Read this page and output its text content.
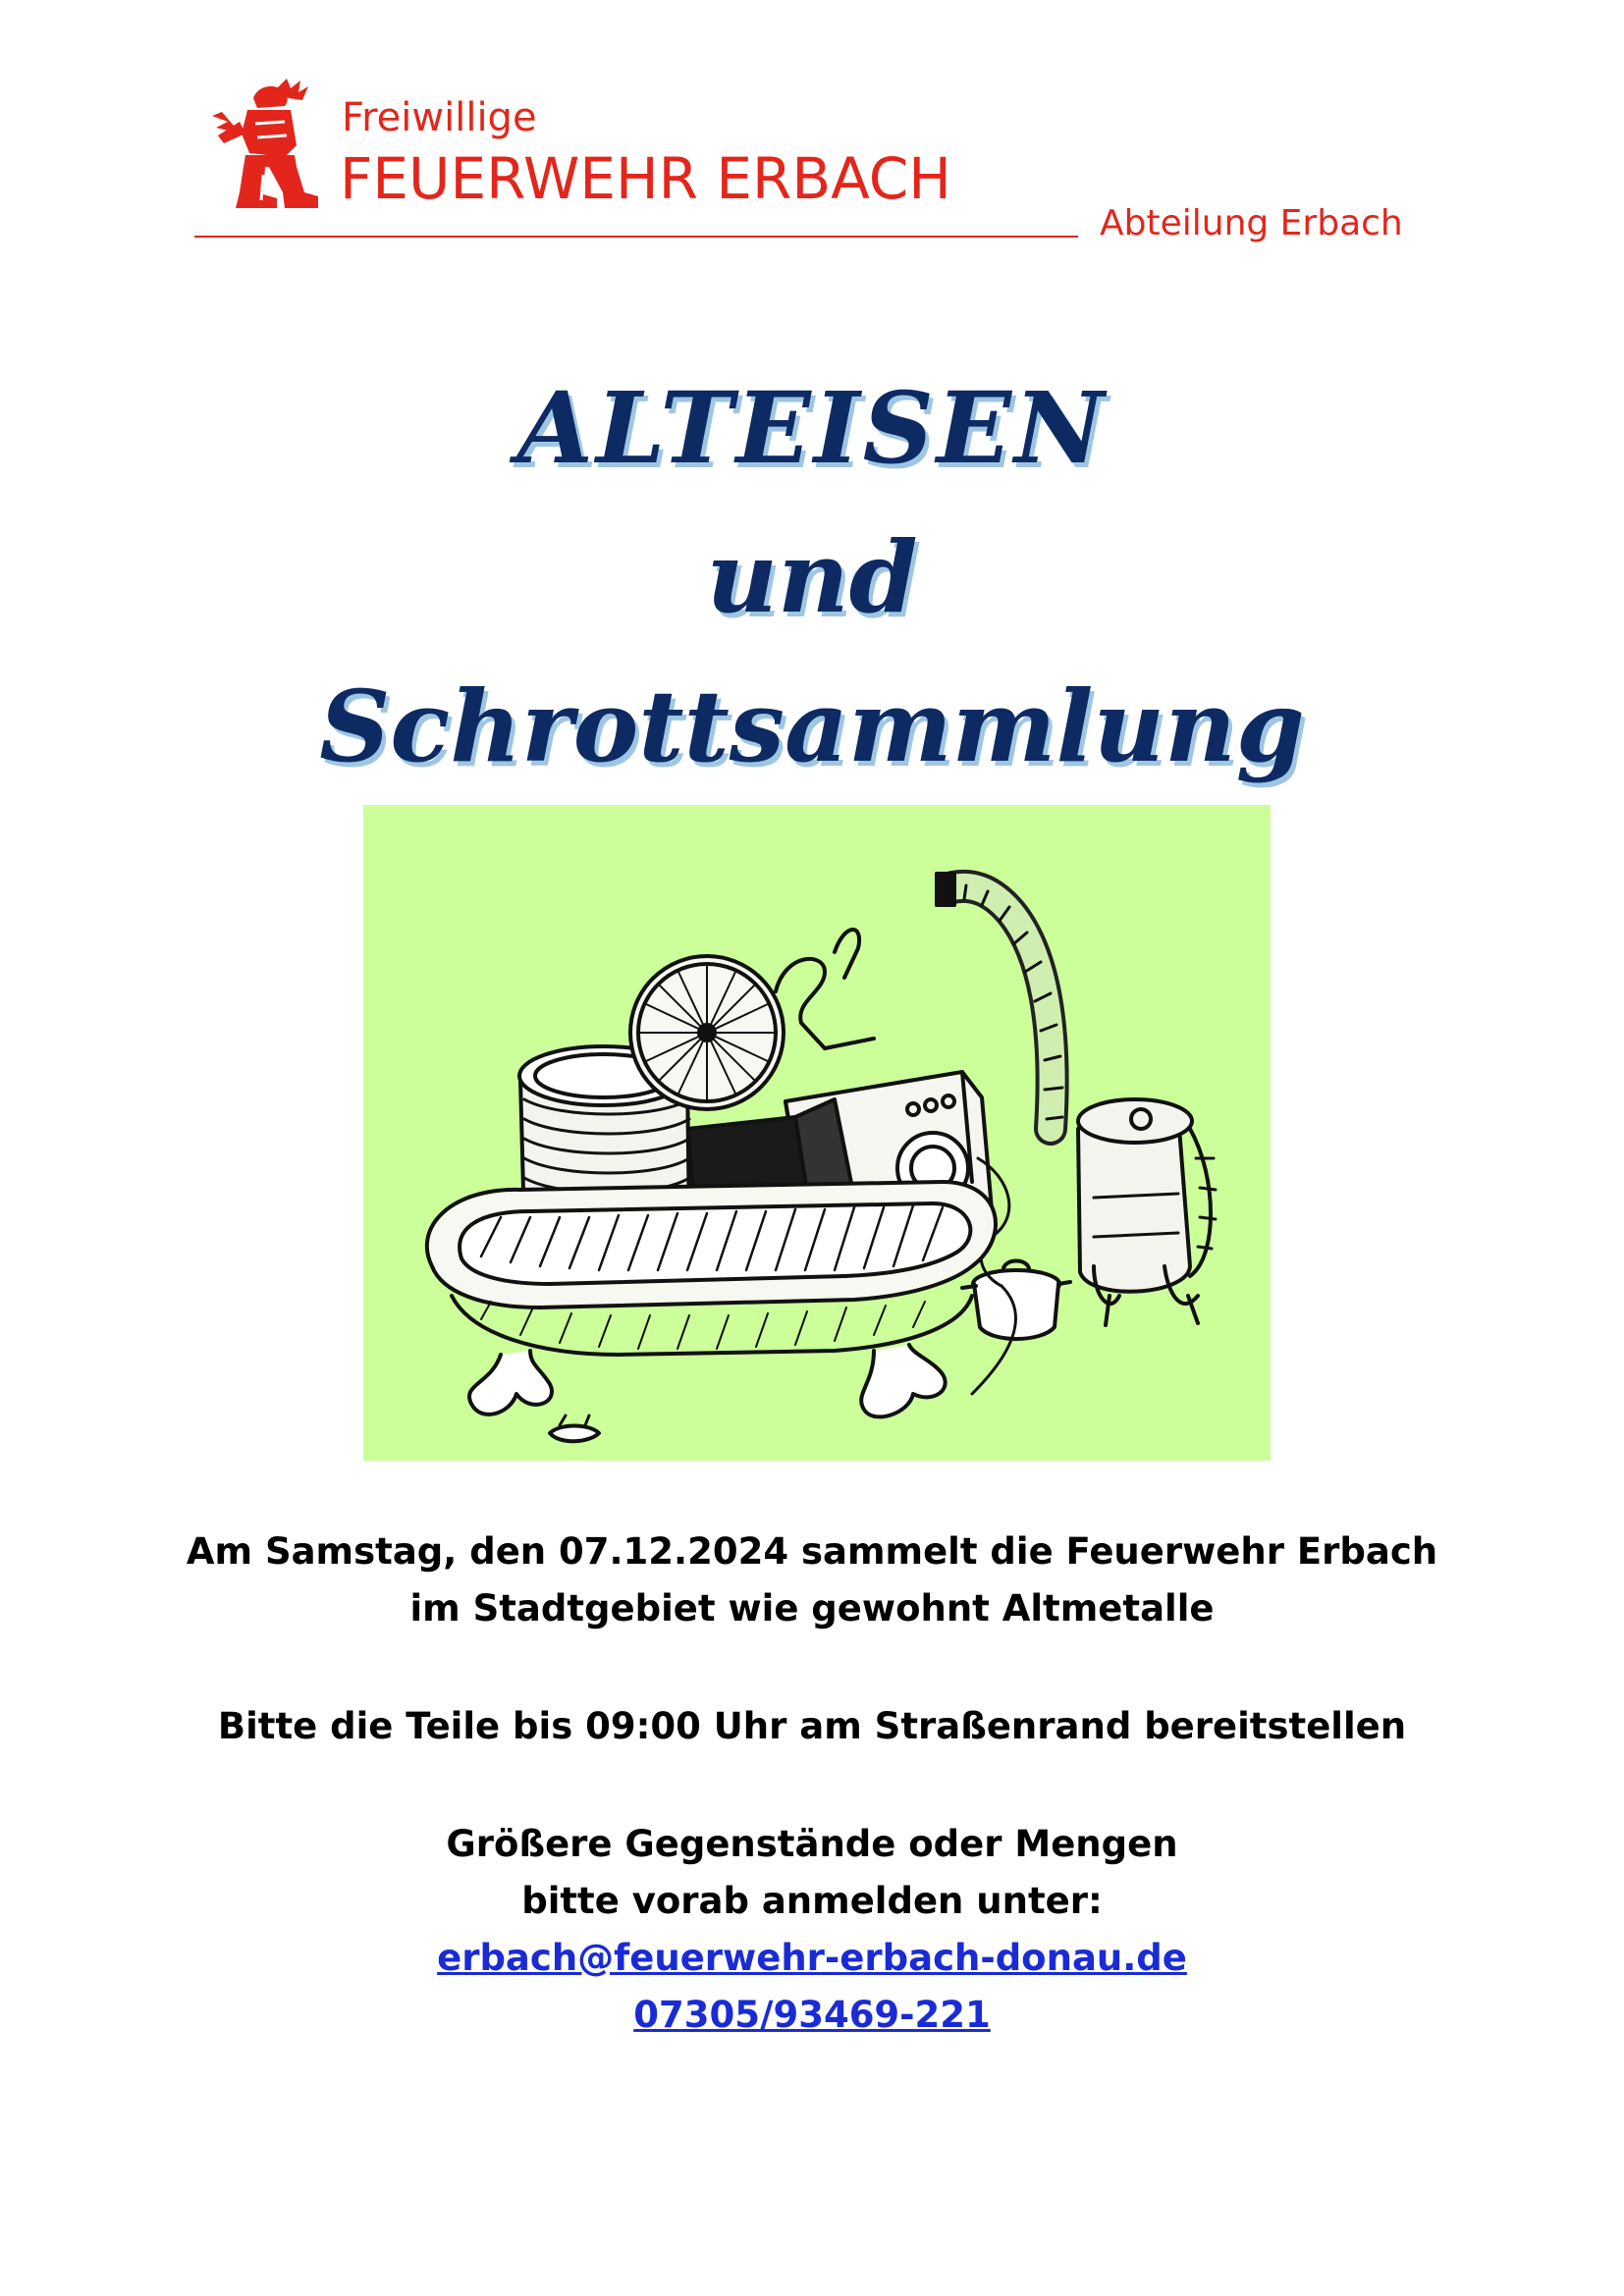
Freiwillige
FEUERWEHR ERBACH
Abteilung Erbach
ALTEISEN
und
Schrottsammlung
Am Samstag, den 07.12.2024 sammelt die Feuerwehr Erbach
im Stadtgebiet wie gewohnt Altmetalle
Bitte die Teile bis 09:00 Uhr am Straßenrand bereitstellen
Größere Gegenstände oder Mengen
bitte vorab anmelden unter:
erbach@feuerwehr-erbach-donau.de
07305/93469-221
